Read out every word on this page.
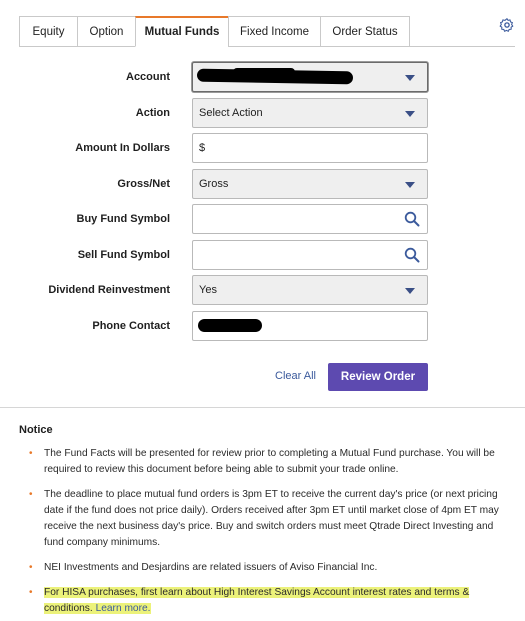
Equity	Option	Mutual Funds	Fixed Income	Order Status
Account
Action	Select Action
Amount In Dollars	$
Gross/Net	Gross
Buy Fund Symbol
Sell Fund Symbol
Dividend Reinvestment	Yes
Phone Contact
Clear All	Review Order
Notice
• The Fund Facts will be presented for review prior to completing a Mutual Fund purchase. You will be required to review this document before being able to submit your trade online.
• The deadline to place mutual fund orders is 3pm ET to receive the current day's price (or next pricing date if the fund does not price daily). Orders received after 3pm ET until market close of 4pm ET may receive the next business day's price. Buy and switch orders must meet Qtrade Direct Investing and fund company minimums.
• NEI Investments and Desjardins are related issuers of Aviso Financial Inc.
• For HISA purchases, first learn about High Interest Savings Account interest rates and terms & conditions. Learn more.
